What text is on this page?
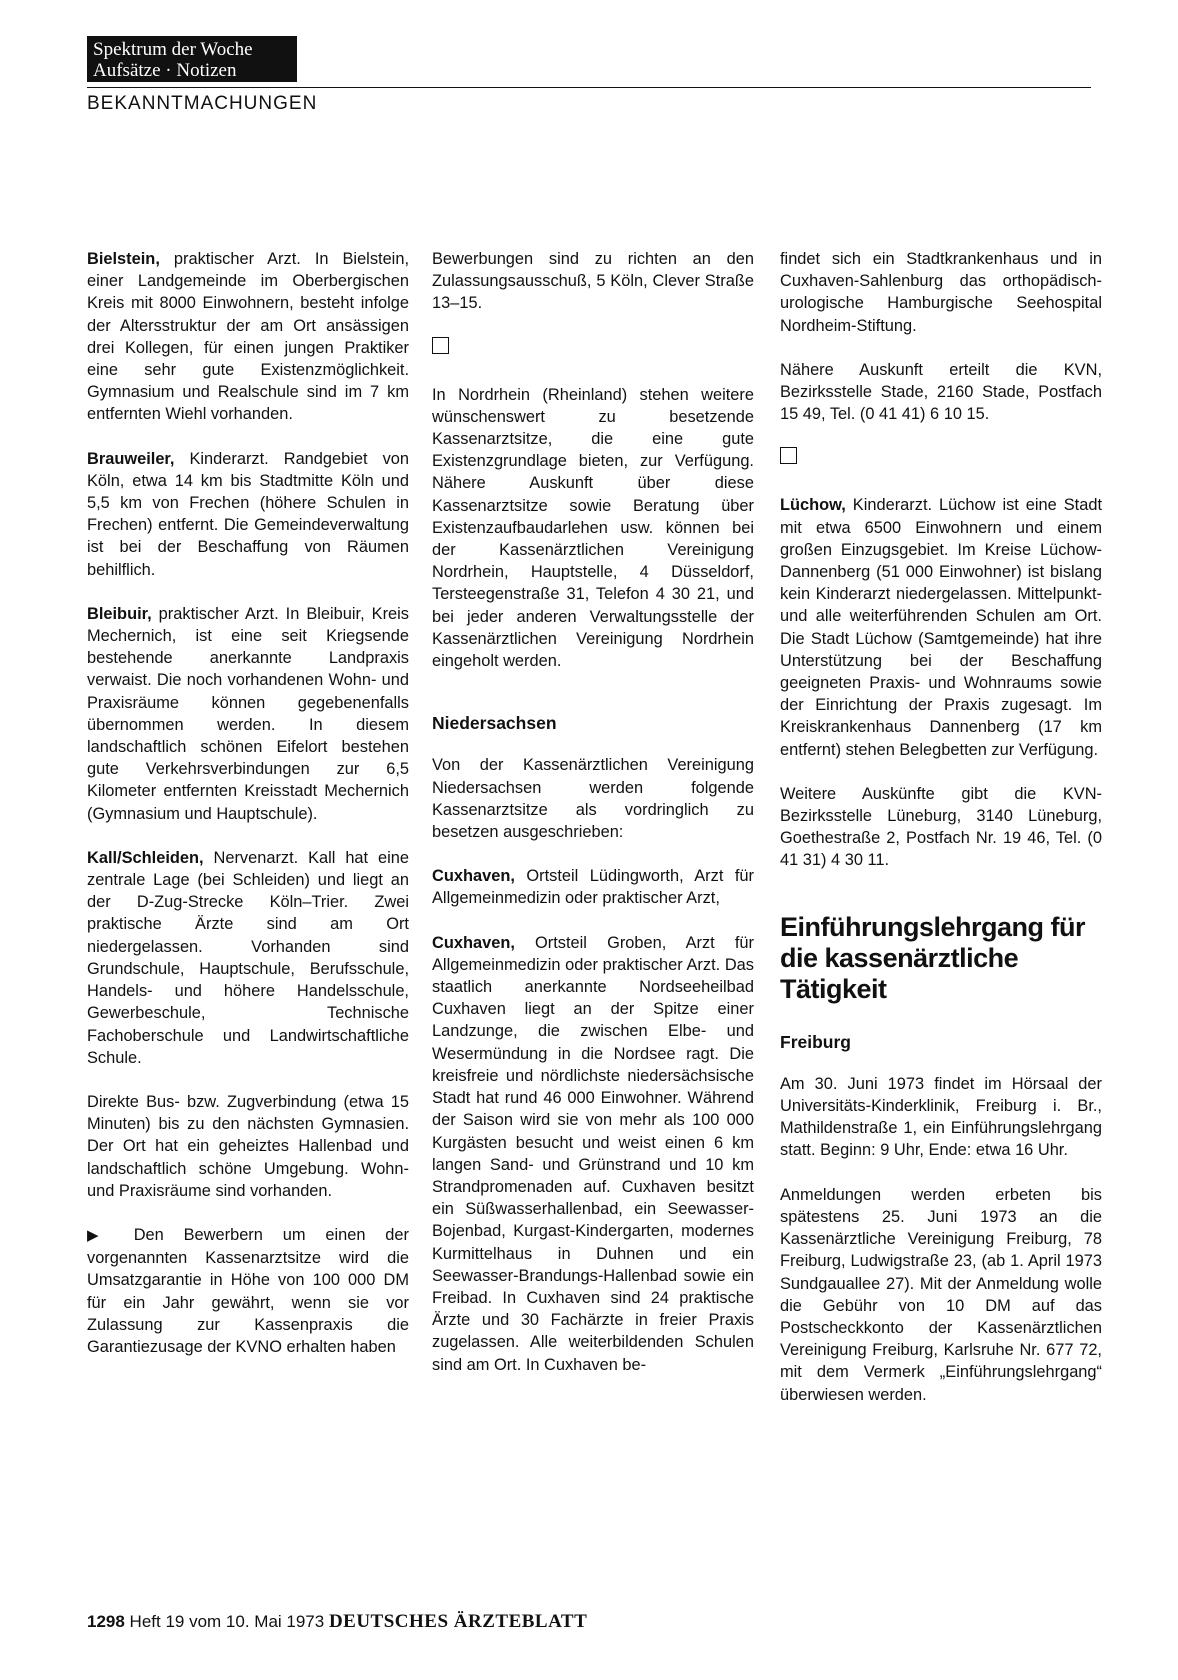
Spektrum der Woche
Aufsätze · Notizen
BEKANNTMACHUNGEN

Bielstein, praktischer Arzt. In Bielstein, einer Landgemeinde im Oberbergischen Kreis mit 8000 Einwohnern, besteht infolge der Altersstruktur der am Ort ansässigen drei Kollegen, für einen jungen Praktiker eine sehr gute Existenzmöglichkeit. Gymnasium und Realschule sind im 7 km entfernten Wiehl vorhanden.

Brauweiler, Kinderarzt. Randgebiet von Köln, etwa 14 km bis Stadtmitte Köln und 5,5 km von Frechen (höhere Schulen in Frechen) entfernt. Die Gemeindeverwaltung ist bei der Beschaffung von Räumen behilflich.

Bleibuir, praktischer Arzt. In Bleibuir, Kreis Mechernich, ist eine seit Kriegsende bestehende anerkannte Landpraxis verwaist. Die noch vorhandenen Wohn- und Praxisräume können gegebenenfalls übernommen werden. In diesem landschaftlich schönen Eifelort bestehen gute Verkehrsverbindungen zur 6,5 Kilometer entfernten Kreisstadt Mechernich (Gymnasium und Hauptschule).

Kall/Schleiden, Nervenarzt. Kall hat eine zentrale Lage (bei Schleiden) und liegt an der D-Zug-Strecke Köln–Trier. Zwei praktische Ärzte sind am Ort niedergelassen. Vorhanden sind Grundschule, Hauptschule, Berufsschule, Handels- und höhere Handelsschule, Gewerbeschule, Technische Fachoberschule und Landwirtschaftliche Schule.

Direkte Bus- bzw. Zugverbindung (etwa 15 Minuten) bis zu den nächsten Gymnasien. Der Ort hat ein geheiztes Hallenbad und landschaftlich schöne Umgebung. Wohn- und Praxisräume sind vorhanden.

▶ Den Bewerbern um einen der vorgenannten Kassenarztsitze wird die Umsatzgarantie in Höhe von 100 000 DM für ein Jahr gewährt, wenn sie vor Zulassung zur Kassenpraxis die Garantiezusage der KVNO erhalten haben

Bewerbungen sind zu richten an den Zulassungsausschuß, 5 Köln, Clever Straße 13–15.

In Nordrhein (Rheinland) stehen weitere wünschenswert zu besetzende Kassenarztsitze, die eine gute Existenzgrundlage bieten, zur Verfügung. Nähere Auskunft über diese Kassenarztsitze sowie Beratung über Existenzaufbaudarlehen usw. können bei der Kassenärztlichen Vereinigung Nordrhein, Hauptstelle, 4 Düsseldorf, Tersteegenstraße 31, Telefon 4 30 21, und bei jeder anderen Verwaltungsstelle der Kassenärztlichen Vereinigung Nordrhein eingeholt werden.

Niedersachsen

Von der Kassenärztlichen Vereinigung Niedersachsen werden folgende Kassenarztsitze als vordringlich zu besetzen ausgeschrieben:

Cuxhaven, Ortsteil Lüdingworth, Arzt für Allgemeinmedizin oder praktischer Arzt,

Cuxhaven, Ortsteil Groben, Arzt für Allgemeinmedizin oder praktischer Arzt. Das staatlich anerkannte Nordseeheilbad Cuxhaven liegt an der Spitze einer Landzunge, die zwischen Elbe- und Wesermündung in die Nordsee ragt. Die kreisfreie und nördlichste niedersächsische Stadt hat rund 46 000 Einwohner. Während der Saison wird sie von mehr als 100 000 Kurgästen besucht und weist einen 6 km langen Sand- und Grünstrand und 10 km Strandpromenaden auf. Cuxhaven besitzt ein Süßwasserhallenbad, ein Seewasser-Bojenbad, Kurgast-Kindergarten, modernes Kurmittelhaus in Duhnen und ein Seewasser-Brandungs-Hallenbad sowie ein Freibad. In Cuxhaven sind 24 praktische Ärzte und 30 Fachärzte in freier Praxis zugelassen. Alle weiterbildenden Schulen sind am Ort. In Cuxhaven be-

findet sich ein Stadtkrankenhaus und in Cuxhaven-Sahlenburg das orthopädisch-urologische Hamburgische Seehospital Nordheim-Stiftung.

Nähere Auskunft erteilt die KVN, Bezirksstelle Stade, 2160 Stade, Postfach 15 49, Tel. (0 41 41) 6 10 15.

Lüchow, Kinderarzt. Lüchow ist eine Stadt mit etwa 6500 Einwohnern und einem großen Einzugsgebiet. Im Kreise Lüchow-Dannenberg (51 000 Einwohner) ist bislang kein Kinderarzt niedergelassen. Mittelpunkt- und alle weiterführenden Schulen am Ort. Die Stadt Lüchow (Samtgemeinde) hat ihre Unterstützung bei der Beschaffung geeigneten Praxis- und Wohnraums sowie der Einrichtung der Praxis zugesagt. Im Kreiskrankenhaus Dannenberg (17 km entfernt) stehen Belegbetten zur Verfügung.

Weitere Auskünfte gibt die KVN-Bezirksstelle Lüneburg, 3140 Lüneburg, Goethestraße 2, Postfach Nr. 19 46, Tel. (0 41 31) 4 30 11.

Einführungslehrgang für die kassenärztliche Tätigkeit
Freiburg

Am 30. Juni 1973 findet im Hörsaal der Universitäts-Kinderklinik, Freiburg i. Br., Mathildenstraße 1, ein Einführungslehrgang statt. Beginn: 9 Uhr, Ende: etwa 16 Uhr.

Anmeldungen werden erbeten bis spätestens 25. Juni 1973 an die Kassenärztliche Vereinigung Freiburg, 78 Freiburg, Ludwigstraße 23, (ab 1. April 1973 Sundgauallee 27). Mit der Anmeldung wolle die Gebühr von 10 DM auf das Postscheckkonto der Kassenärztlichen Vereinigung Freiburg, Karlsruhe Nr. 677 72, mit dem Vermerk „Einführungslehrgang“ überwiesen werden.

1298 Heft 19 vom 10. Mai 1973 DEUTSCHES ÄRZTEBLATT
